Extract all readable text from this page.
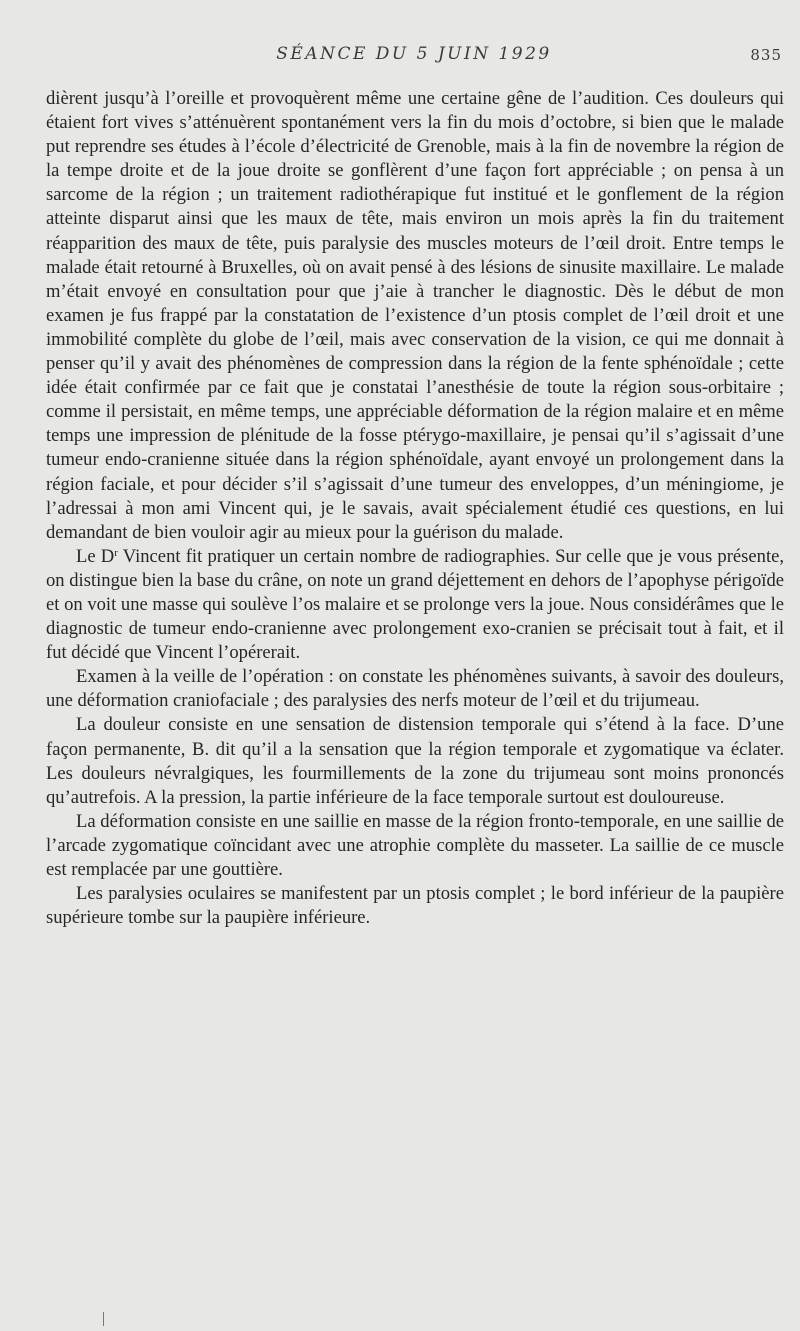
SÉANCE DU 5 JUIN 1929	835

dièrent jusqu’à l’oreille et provoquèrent même une certaine gêne de l’audition. Ces douleurs qui étaient fort vives s’atténuèrent spontanément vers la fin du mois d’octobre, si bien que le malade put reprendre ses études à l’école d’électricité de Grenoble, mais à la fin de novembre la région de la tempe droite et de la joue droite se gonflèrent d’une façon fort appréciable ; on pensa à un sarcome de la région ; un traitement radiothérapique fut institué et le gonflement de la région atteinte disparut ainsi que les maux de tête, mais environ un mois après la fin du traitement réapparition des maux de tête, puis paralysie des muscles moteurs de l’œil droit. Entre temps le malade était retourné à Bruxelles, où on avait pensé à des lésions de sinusite maxillaire. Le malade m’était envoyé en consultation pour que j’aie à trancher le diagnostic. Dès le début de mon examen je fus frappé par la constatation de l’existence d’un ptosis complet de l’œil droit et une immobilité complète du globe de l’œil, mais avec conservation de la vision, ce qui me donnait à penser qu’il y avait des phénomènes de compression dans la région de la fente sphénoïdale ; cette idée était confirmée par ce fait que je constatai l’anesthésie de toute la région sous-orbitaire ; comme il persistait, en même temps, une appréciable déformation de la région malaire et en même temps une impression de plénitude de la fosse ptérygo-maxillaire, je pensai qu’il s’agissait d’une tumeur endo-cranienne située dans la région sphénoïdale, ayant envoyé un prolongement dans la région faciale, et pour décider s’il s’agissait d’une tumeur des enveloppes, d’un méningiome, je l’adressai à mon ami Vincent qui, je le savais, avait spécialement étudié ces questions, en lui demandant de bien vouloir agir au mieux pour la guérison du malade.

Le $D^r$ Vincent fit pratiquer un certain nombre de radiographies. Sur celle que je vous présente, on distingue bien la base du crâne, on note un grand déjettement en dehors de l’apophyse périgoïde et on voit une masse qui soulève l’os malaire et se prolonge vers la joue. Nous considérâmes que le diagnostic de tumeur endo-cranienne avec prolongement exo-cranien se précisait tout à fait, et il fut décidé que Vincent l’opérerait.

Examen à la veille de l’opération : on constate les phénomènes suivants, à savoir des douleurs, une déformation craniofaciale ; des paralysies des nerfs moteur de l’œil et du trijumeau.

La douleur consiste en une sensation de distension temporale qui s’étend à la face. D’une façon permanente, B. dit qu’il a la sensation que la région temporale et zygomatique va éclater. Les douleurs névralgiques, les fourmillements de la zone du trijumeau sont moins prononcés qu’autrefois. A la pression, la partie inférieure de la face temporale surtout est douloureuse.

La déformation consiste en une saillie en masse de la région fronto-temporale, en une saillie de l’arcade zygomatique coïncidant avec une atrophie complète du masseter. La saillie de ce muscle est remplacée par une gouttière.

Les paralysies oculaires se manifestent par un ptosis complet ; le bord inférieur de la paupière supérieure tombe sur la paupière inférieure.
